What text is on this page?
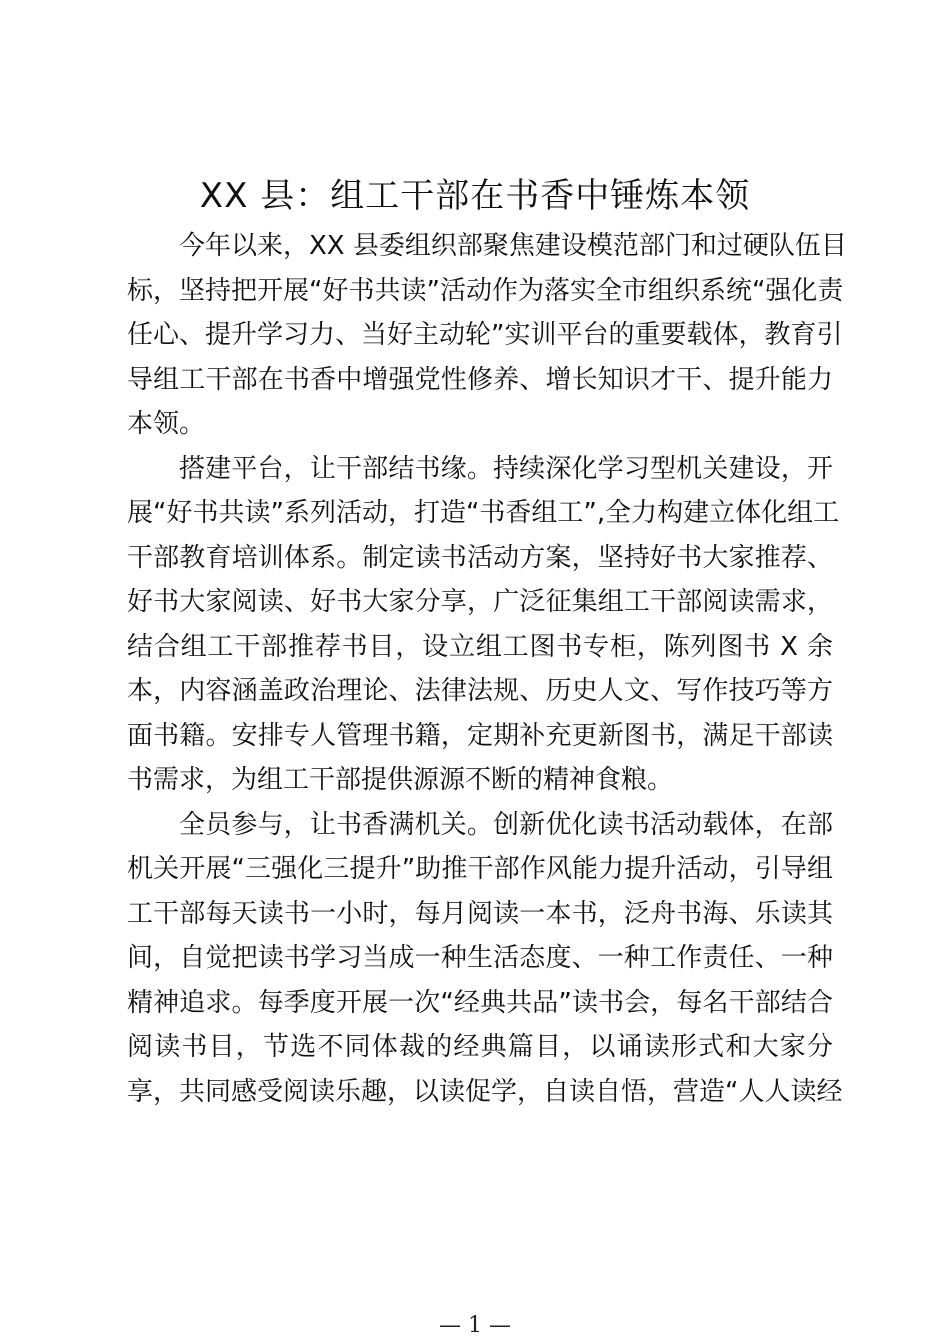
XX 县：组工干部在书香中锤炼本领
今年以来，XX 县委组织部聚焦建设模范部门和过硬队伍目
标，坚持把开展“好书共读”活动作为落实全市组织系统“强化责
任心、提升学习力、当好主动轮”实训平台的重要载体，教育引
导组工干部在书香中增强党性修养、增长知识才干、提升能力
本领。
搭建平台，让干部结书缘。持续深化学习型机关建设，开
展“好书共读”系列活动，打造“书香组工”,全力构建立体化组工
干部教育培训体系。制定读书活动方案，坚持好书大家推荐、
好书大家阅读、好书大家分享，广泛征集组工干部阅读需求，
结合组工干部推荐书目，设立组工图书专柜，陈列图书 X 余
本，内容涵盖政治理论、法律法规、历史人文、写作技巧等方
面书籍。安排专人管理书籍，定期补充更新图书，满足干部读
书需求，为组工干部提供源源不断的精神食粮。
全员参与，让书香满机关。创新优化读书活动载体，在部
机关开展“三强化三提升”助推干部作风能力提升活动，引导组
工干部每天读书一小时，每月阅读一本书，泛舟书海、乐读其
间，自觉把读书学习当成一种生活态度、一种工作责任、一种
精神追求。每季度开展一次“经典共品”读书会，每名干部结合
阅读书目，节选不同体裁的经典篇目，以诵读形式和大家分
享，共同感受阅读乐趣，以读促学，自读自悟，营造“人人读经
— 1 —
